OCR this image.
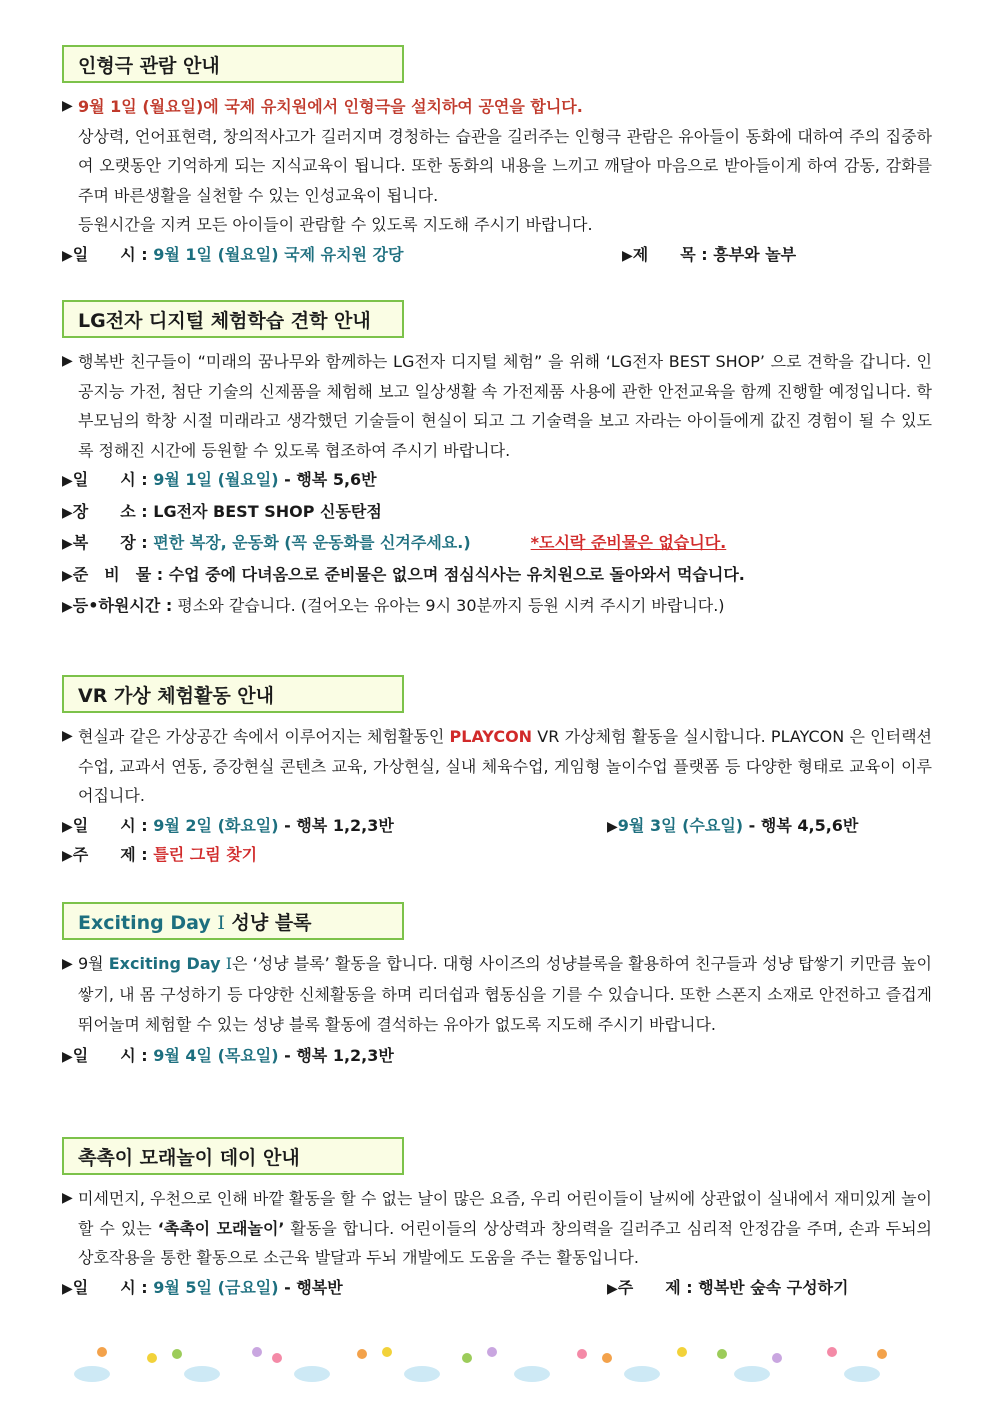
인형극 관람 안내
▶ 9월 1일 (월요일)에 국제 유치원에서 인형극을 설치하여 공연을 합니다.
상상력, 언어표현력, 창의적사고가 길러지며 경청하는 습관을 길러주는 인형극 관람은 유아들이 동화에 대하여 주의 집중하여 오랫동안 기억하게 되는 지식교육이 됩니다. 또한 동화의 내용을 느끼고 깨달아 마음으로 받아들이게 하여 감동, 감화를 주며 바른생활을 실천할 수 있는 인성교육이 됩니다.
등원시간을 지켜 모든 아이들이 관람할 수 있도록 지도해 주시기 바랍니다.
▶일　　시 : 9월 1일 (월요일) 국제 유치원 강당	▶제　　목 : 흥부와 놀부
LG전자 디지털 체험학습 견학 안내
▶ 행복반 친구들이 “미래의 꿈나무와 함께하는 LG전자 디지털 체험” 을 위해 ‘LG전자 BEST SHOP’ 으로 견학을 갑니다. 인공지능 가전, 첨단 기술의 신제품을 체험해 보고 일상생활 속 가전제품 사용에 관한 안전교육을 함께 진행할 예정입니다. 학부모님의 학창 시절 미래라고 생각했던 기술들이 현실이 되고 그 기술력을 보고 자라는 아이들에게 값진 경험이 될 수 있도록 정해진 시간에 등원할 수 있도록 협조하여 주시기 바랍니다.
▶일　　시 : 9월 1일 (월요일) - 행복 5,6반
▶장　　소 : LG전자 BEST SHOP 신동탄점
▶복　　장 : 편한 복장, 운동화 (꼭 운동화를 신겨주세요.)	*도시락 준비물은 없습니다.
▶준　비　물 : 수업 중에 다녀옴으로 준비물은 없으며 점심식사는 유치원으로 돌아와서 먹습니다.
▶등•하원시간 : 평소와 같습니다. (걸어오는 유아는 9시 30분까지 등원 시켜 주시기 바랍니다.)
VR 가상 체험활동 안내
▶ 현실과 같은 가상공간 속에서 이루어지는 체험활동인 PLAYCON VR 가상체험 활동을 실시합니다. PLAYCON 은 인터랙션수업, 교과서 연동, 증강현실 콘텐츠 교육, 가상현실, 실내 체육수업, 게임형 놀이수업 플랫폼 등 다양한 형태로 교육이 이루어집니다.
▶일　　시 : 9월 2일 (화요일) - 행복 1,2,3반	▶9월 3일 (수요일) - 행복 4,5,6반
▶주　　제 : 틀린 그림 찾기
Exciting Day Ⅰ 성냥 블록
▶ 9월 Exciting Day Ⅰ은 ‘성냥 블록’ 활동을 합니다. 대형 사이즈의 성냥블록을 활용하여 친구들과 성냥 탑쌓기 키만큼 높이 쌓기, 내 몸 구성하기 등 다양한 신체활동을 하며 리더쉽과 협동심을 기를 수 있습니다. 또한 스폰지 소재로 안전하고 즐겁게 뛰어놀며 체험할 수 있는 성냥 블록 활동에 결석하는 유아가 없도록 지도해 주시기 바랍니다.
▶일　　시 : 9월 4일 (목요일) - 행복 1,2,3반
촉촉이 모래놀이 데이 안내
▶ 미세먼지, 우천으로 인해 바깥 활동을 할 수 없는 날이 많은 요즘, 우리 어린이들이 날씨에 상관없이 실내에서 재미있게 놀이할 수 있는 ‘촉촉이 모래놀이’ 활동을 합니다. 어린이들의 상상력과 창의력을 길러주고 심리적 안정감을 주며, 손과 두뇌의 상호작용을 통한 활동으로 소근육 발달과 두뇌 개발에도 도움을 주는 활동입니다.
▶일　　시 : 9월 5일 (금요일) - 행복반	▶주　　제 : 행복반 숲속 구성하기
